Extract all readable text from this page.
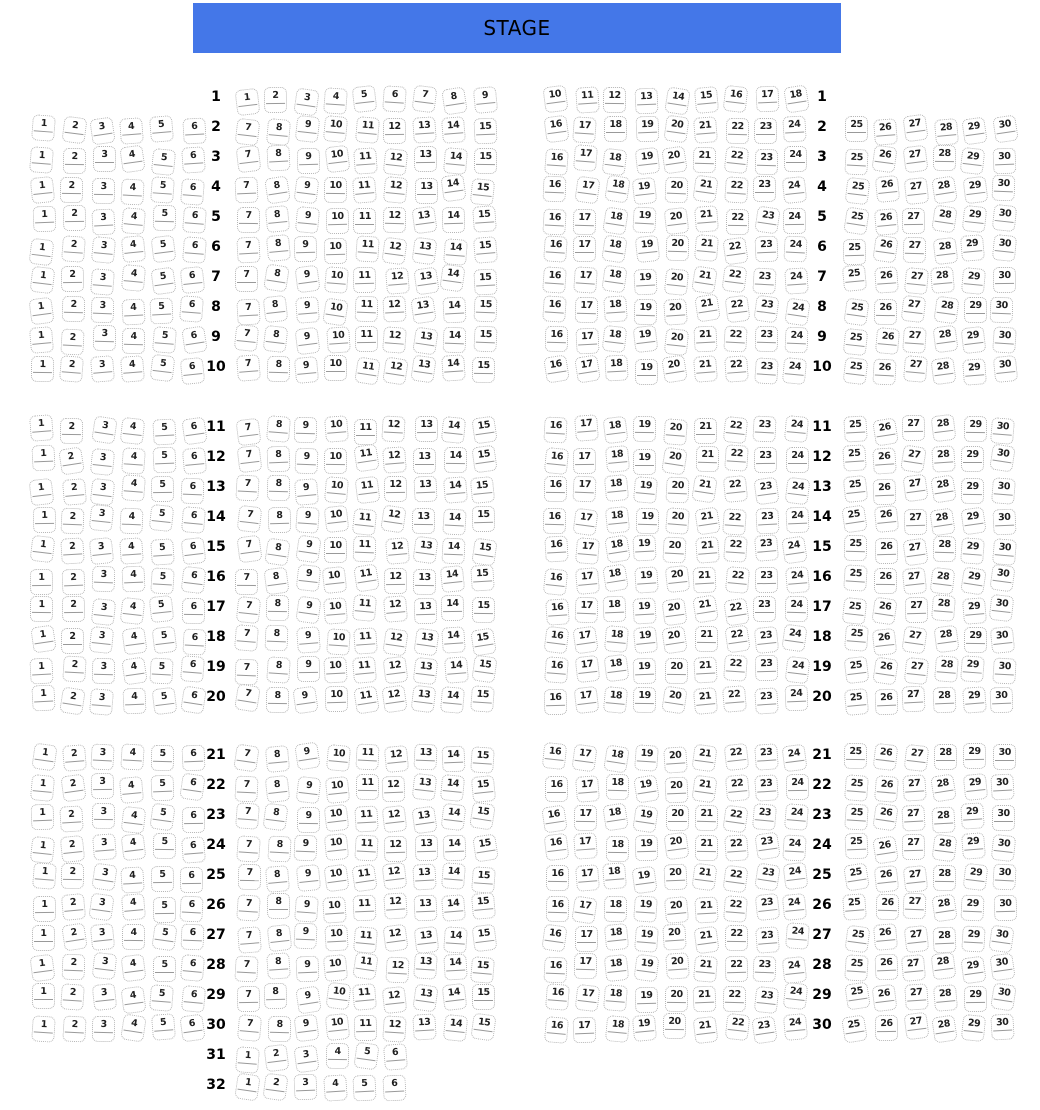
STAGE
1	2	3	4	5	6	7	8	9	10	11	12	13	14	15	16	17	18
1	1
1	2	3	4	5	6	7	8	9	10	11	12	13	14	15	16	17	18	19	20	21	22	23	24	25	26	27	28	29	30
2	2
1	2	3	4	5	6	7	8	9	10	11	12	13	14	15	16	17	18	19	20	21	22	23	24	25	26	27	28	29	30
3	3
1	2	3	4	5	6	7	8	9	10	11	12	13	14	15	16	17	18	19	20	21	22	23	24	25	26	27	28	29	30
4	4
1	2	3	4	5	6	7	8	9	10	11	12	13	14	15	16	17	18	19	20	21	22	23	24	25	26	27	28	29	30
5	5
1	2	3	4	5	6	7	8	9	10	11	12	13	14	15	16	17	18	19	20	21	22	23	24	25	26	27	28	29	30
6	6
1	2	3	4	5	6	7	8	9	10	11	12	13	14	15	16	17	18	19	20	21	22	23	24	25	26	27	28	29	30
7	7
1	2	3	4	5	6	7	8	9	10	11	12	13	14	15	16	17	18	19	20	21	22	23	24	25	26	27	28	29	30
8	8
1	2	3	4	5	6	7	8	9	10	11	12	13	14	15	16	17	18	19	20	21	22	23	24	25	26	27	28	29	30
9	9
1	2	3	4	5	6	7	8	9	10	11	12	13	14	15	16	17	18	19	20	21	22	23	24	25	26	27	28	29	30
10	10
1	2	3	4	5	6	7	8	9	10	11	12	13	14	15	16	17	18	19	20	21	22	23	24	25	26	27	28	29	30
11	11
1	2	3	4	5	6	7	8	9	10	11	12	13	14	15	16	17	18	19	20	21	22	23	24	25	26	27	28	29	30
12	12
1	2	3	4	5	6	7	8	9	10	11	12	13	14	15	16	17	18	19	20	21	22	23	24	25	26	27	28	29	30
13	13
1	2	3	4	5	6	7	8	9	10	11	12	13	14	15	16	17	18	19	20	21	22	23	24	25	26	27	28	29	30
14	14
1	2	3	4	5	6	7	8	9	10	11	12	13	14	15	16	17	18	19	20	21	22	23	24	25	26	27	28	29	30
15	15
1	2	3	4	5	6	7	8	9	10	11	12	13	14	15	16	17	18	19	20	21	22	23	24	25	26	27	28	29	30
16	16
1	2	3	4	5	6	7	8	9	10	11	12	13	14	15	16	17	18	19	20	21	22	23	24	25	26	27	28	29	30
17	17
1	2	3	4	5	6	7	8	9	10	11	12	13	14	15	16	17	18	19	20	21	22	23	24	25	26	27	28	29	30
18	18
1	2	3	4	5	6	7	8	9	10	11	12	13	14	15	16	17	18	19	20	21	22	23	24	25	26	27	28	29	30
19	19
1	2	3	4	5	6	7	8	9	10	11	12	13	14	15	16	17	18	19	20	21	22	23	24	25	26	27	28	29	30
20	20
1	2	3	4	5	6	7	8	9	10	11	12	13	14	15	16	17	18	19	20	21	22	23	24	25	26	27	28	29	30
21	21
1	2	3	4	5	6	7	8	9	10	11	12	13	14	15	16	17	18	19	20	21	22	23	24	25	26	27	28	29	30
22	22
1	2	3	4	5	6	7	8	9	10	11	12	13	14	15	16	17	18	19	20	21	22	23	24	25	26	27	28	29	30
23	23
1	2	3	4	5	6	7	8	9	10	11	12	13	14	15	16	17	18	19	20	21	22	23	24	25	26	27	28	29	30
24	24
1	2	3	4	5	6	7	8	9	10	11	12	13	14	15	16	17	18	19	20	21	22	23	24	25	26	27	28	29	30
25	25
1	2	3	4	5	6	7	8	9	10	11	12	13	14	15	16	17	18	19	20	21	22	23	24	25	26	27	28	29	30
26	26
1	2	3	4	5	6	7	8	9	10	11	12	13	14	15	16	17	18	19	20	21	22	23	24	25	26	27	28	29	30
27	27
1	2	3	4	5	6	7	8	9	10	11	12	13	14	15	16	17	18	19	20	21	22	23	24	25	26	27	28	29	30
28	28
1	2	3	4	5	6	7	8	9	10	11	12	13	14	15	16	17	18	19	20	21	22	23	24	25	26	27	28	29	30
29	29
1	2	3	4	5	6	7	8	9	10	11	12	13	14	15	16	17	18	19	20	21	22	23	24	25	26	27	28	29	30
30	30
1	2	3	4	5	6
31
1	2	3	4	5	6
32
